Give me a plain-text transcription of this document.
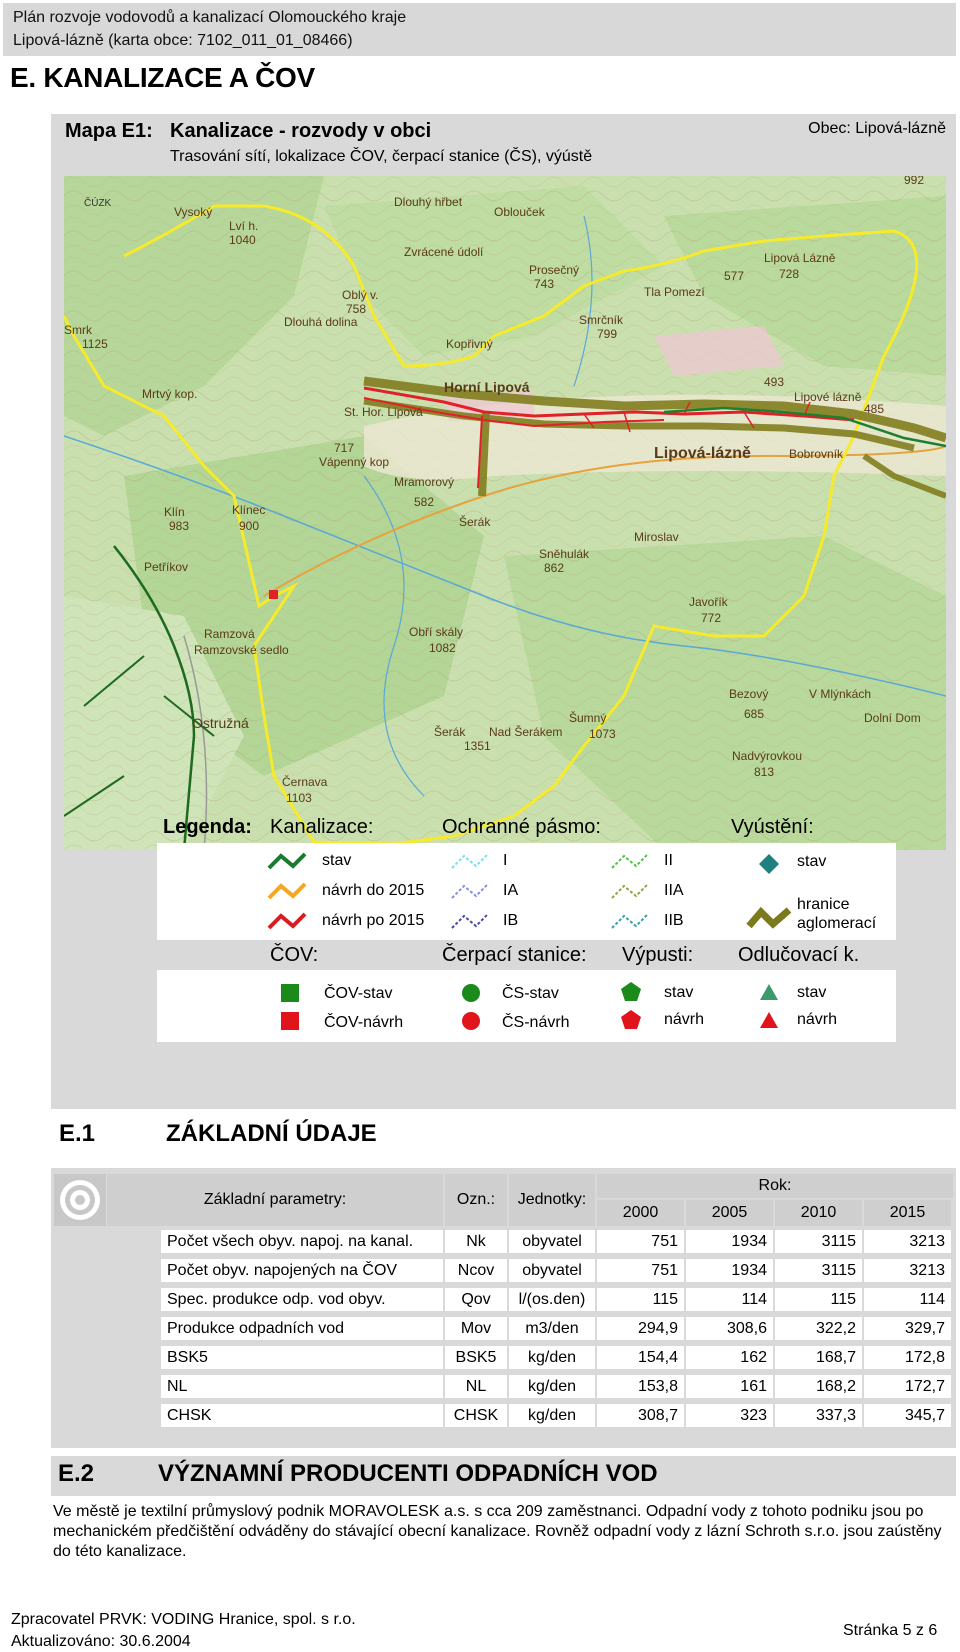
Plán rozvoje vodovodů a kanalizací Olomouckého kraje
Lipová-lázně (karta obce: 7102_011_01_08466)
E. KANALIZACE A ČOV
Mapa E1: Kanalizace - rozvody v obci
Trasování sítí, lokalizace ČOV, čerpací stanice (ČS), výústě
Obec: Lipová-lázně
Lví h.
1040
Vysoký
Dlouhý hřbet
Zvrácené údolí
Oblouček
Prosečný
743
Oblý v.
758
Smrk
1125
Dlouhá dolina
Kopřivný
Smrčník
799
Tla Pomezí
577
Lipová Lázně
728
Horní Lipová
Lipová-lázně
Mrtvý kop.
Vápenný kop
717
Mramorový
582
St. Hor. Lipová
Klín
983
Klínec
900	Šerák
Sněhulák
862
Miroslav
Javořík
772
Petříkov
Ramzová
Ramzovské sedlo
Obří skály
1082
Ostružná	Šumný
1073
Bezový
685
Černava
1103
Šerák
1351
Nad Šerákem
Nadvýrovkou
813
Dolní Dom
V Mlýnkách
Bobrovník
Lipové lázně
493
485
992
ČÚZK
Legenda: Kanalizace:	Ochranné pásmo:	Vyústění:
stav
návrh do 2015
návrh po 2015
I
IA
IB
II
IIA
IIB
stav
hranice
aglomerací
ČOV:	Čerpací stanice: Výpusti: Odlučovací k.
ČOV-stav
ČOV-návrh
ČS-stav
ČS-návrh
stav
návrh
stav
návrh
E.1	ZÁKLADNÍ ÚDAJE
Základní parametry:	Ozn.:	Jednotky:
Rok:
2000	2005	2010	2015
Počet všech obyv. napoj. na kanal.	Nk	obyvatel	751	1934	3115	3213
Počet obyv. napojených na ČOV	Ncov	obyvatel	751	1934	3115	3213
Spec. produkce odp. vod obyv.	Qov	l/(os.den)	115	114	115	114
Produkce odpadních vod	Mov	m3/den	294,9	308,6	322,2	329,7
BSK5	BSK5	kg/den	154,4	162	168,7	172,8
NL	NL	kg/den	153,8	161	168,2	172,7
CHSK	CHSK	kg/den	308,7	323	337,3	345,7
E.2	VÝZNAMNÍ PRODUCENTI ODPADNÍCH VOD
Ve městě je textilní průmyslový podnik MORAVOLESK a.s. s cca 209 zaměstnanci. Odpadní vody z tohoto podniku jsou po mechanickém předčištění odváděny do stávající obecní kanalizace. Rovněž odpadní vody z lázní Schroth s.r.o. jsou zaústěny do této kanalizace.
Zpracovatel PRVK: VODING Hranice, spol. s r.o.
Aktualizováno: 30.6.2004
Stránka 5 z 6
